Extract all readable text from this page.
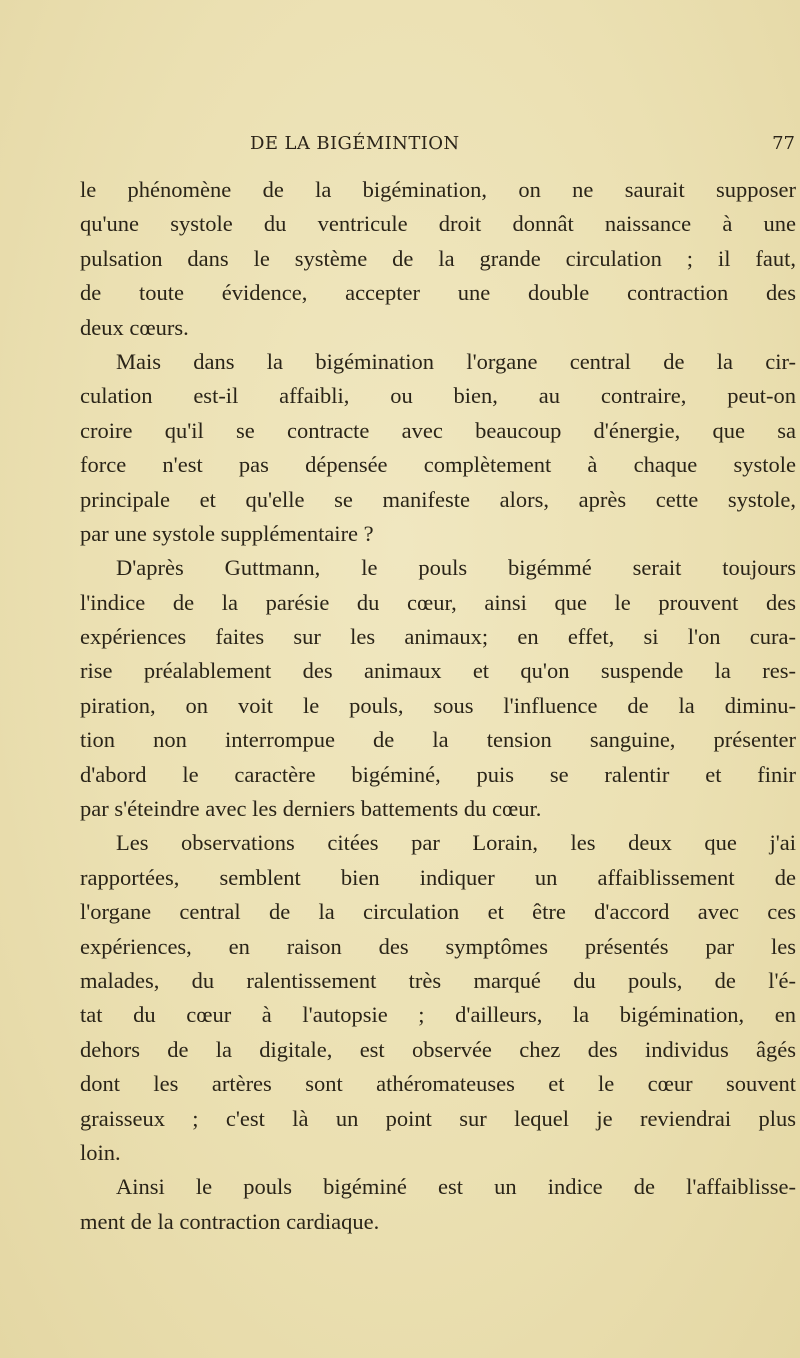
DE LA BIGÉMINTION	77
le phénomène de la bigémination, on ne saurait supposer
qu'une systole du ventricule droit donnât naissance à une
pulsation dans le système de la grande circulation ; il faut,
de toute évidence, accepter une double contraction des
deux cœurs.
Mais dans la bigémination l'organe central de la cir-
culation est-il affaibli, ou bien, au contraire, peut-on
croire qu'il se contracte avec beaucoup d'énergie, que sa
force n'est pas dépensée complètement à chaque systole
principale et qu'elle se manifeste alors, après cette systole,
par une systole supplémentaire ?
D'après Guttmann, le pouls bigémmé serait toujours
l'indice de la parésie du cœur, ainsi que le prouvent des
expériences faites sur les animaux; en effet, si l'on cura-
rise préalablement des animaux et qu'on suspende la res-
piration, on voit le pouls, sous l'influence de la diminu-
tion non interrompue de la tension sanguine, présenter
d'abord le caractère bigéminé, puis se ralentir et finir
par s'éteindre avec les derniers battements du cœur.
Les observations citées par Lorain, les deux que j'ai
rapportées, semblent bien indiquer un affaiblissement de
l'organe central de la circulation et être d'accord avec ces
expériences, en raison des symptômes présentés par les
malades, du ralentissement très marqué du pouls, de l'é-
tat du cœur à l'autopsie ; d'ailleurs, la bigémination, en
dehors de la digitale, est observée chez des individus âgés
dont les artères sont athéromateuses et le cœur souvent
graisseux ; c'est là un point sur lequel je reviendrai plus
loin.
Ainsi le pouls bigéminé est un indice de l'affaiblisse-
ment de la contraction cardiaque.
